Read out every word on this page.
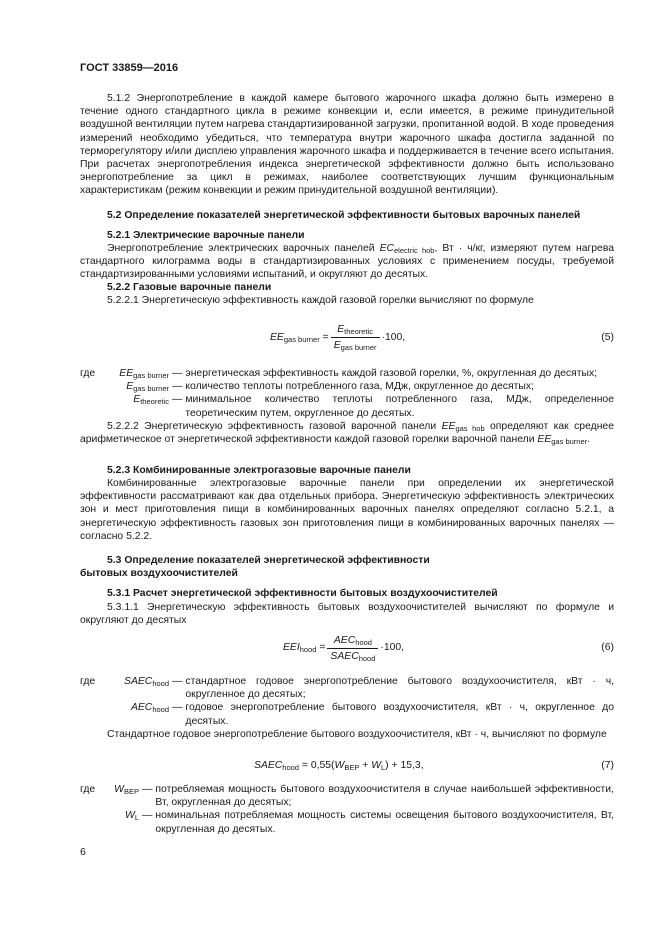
ГОСТ 33859—2016
5.1.2 Энергопотребление в каждой камере бытового жарочного шкафа должно быть измерено в течение одного стандартного цикла в режиме конвекции и, если имеется, в режиме принудительной воздушной вентиляции путем нагрева стандартизированной загрузки, пропитанной водой. В ходе проведения измерений необходимо убедиться, что температура внутри жарочного шкафа достигла заданной по терморегулятору и/или дисплею управления жарочного шкафа и поддерживается в течение всего испытания. При расчетах энергопотребления индекса энергетической эффективности должно быть использовано энергопотребление за цикл в режимах, наиболее соответствующих лучшим функциональным характеристикам (режим конвекции и режим принудительной воздушной вентиляции).
5.2 Определение показателей энергетической эффективности бытовых варочных панелей
5.2.1 Электрические варочные панели
Энергопотребление электрических варочных панелей $EC_{electric hob}$, Вт · ч/кг, измеряют путем нагрева стандартного килограмма воды в стандартизированных условиях с применением посуды, требуемой стандартизированными условиями испытаний, и округляют до десятых.
5.2.2 Газовые варочные панели
5.2.2.1 Энергетическую эффективность каждой газовой горелки вычисляют по формуле
$EE_{gas burner} = \frac{E_{theoretic}}{E_{gas burner}} \cdot 100$,	(5)
где	$EE_{gas burner}$ — энергетическая эффективность каждой газовой горелки, %, округленная до десятых;
$E_{gas burner}$ — количество теплоты потребленного газа, МДж, округленное до десятых;
$E_{theoretic}$ — минимальное количество теплоты потребленного газа, МДж, определенное теоретическим путем, округленное до десятых.
5.2.2.2 Энергетическую эффективность газовой варочной панели $EE_{gas hob}$ определяют как среднее арифметическое от энергетической эффективности каждой газовой горелки варочной панели $EE_{gas burner}$.
5.2.3 Комбинированные электрогазовые варочные панели
Комбинированные электрогазовые варочные панели при определении их энергетической эффективности рассматривают как два отдельных прибора. Энергетическую эффективность электрических зон и мест приготовления пищи в комбинированных варочных панелях определяют согласно 5.2.1, а энергетическую эффективность газовых зон приготовления пищи в комбинированных варочных панелях — согласно 5.2.2.
5.3 Определение показателей энергетической эффективности
бытовых воздухоочистителей
5.3.1 Расчет энергетической эффективности бытовых воздухоочистителей
5.3.1.1 Энергетическую эффективность бытовых воздухоочистителей вычисляют по формуле и округляют до десятых
$EEI_{hood} = \frac{AEC_{hood}}{SAEC_{hood}} \cdot 100$,	(6)
где	$SAEC_{hood}$ — стандартное годовое энергопотребление бытового воздухоочистителя, кВт · ч, округленное до десятых;
$AEC_{hood}$ — годовое энергопотребление бытового воздухоочистителя, кВт · ч, округленное до десятых.
Стандартное годовое энергопотребление бытового воздухоочистителя, кВт · ч, вычисляют по формуле
$SAEC_{hood} = 0,55(W_{BEP} + W_L) + 15,3$,	(7)
где	$W_{BEP}$ — потребляемая мощность бытового воздухоочистителя в случае наибольшей эффективности, Вт, округленная до десятых;
$W_L$ — номинальная потребляемая мощность системы освещения бытового воздухоочистителя, Вт, округленная до десятых.
6
